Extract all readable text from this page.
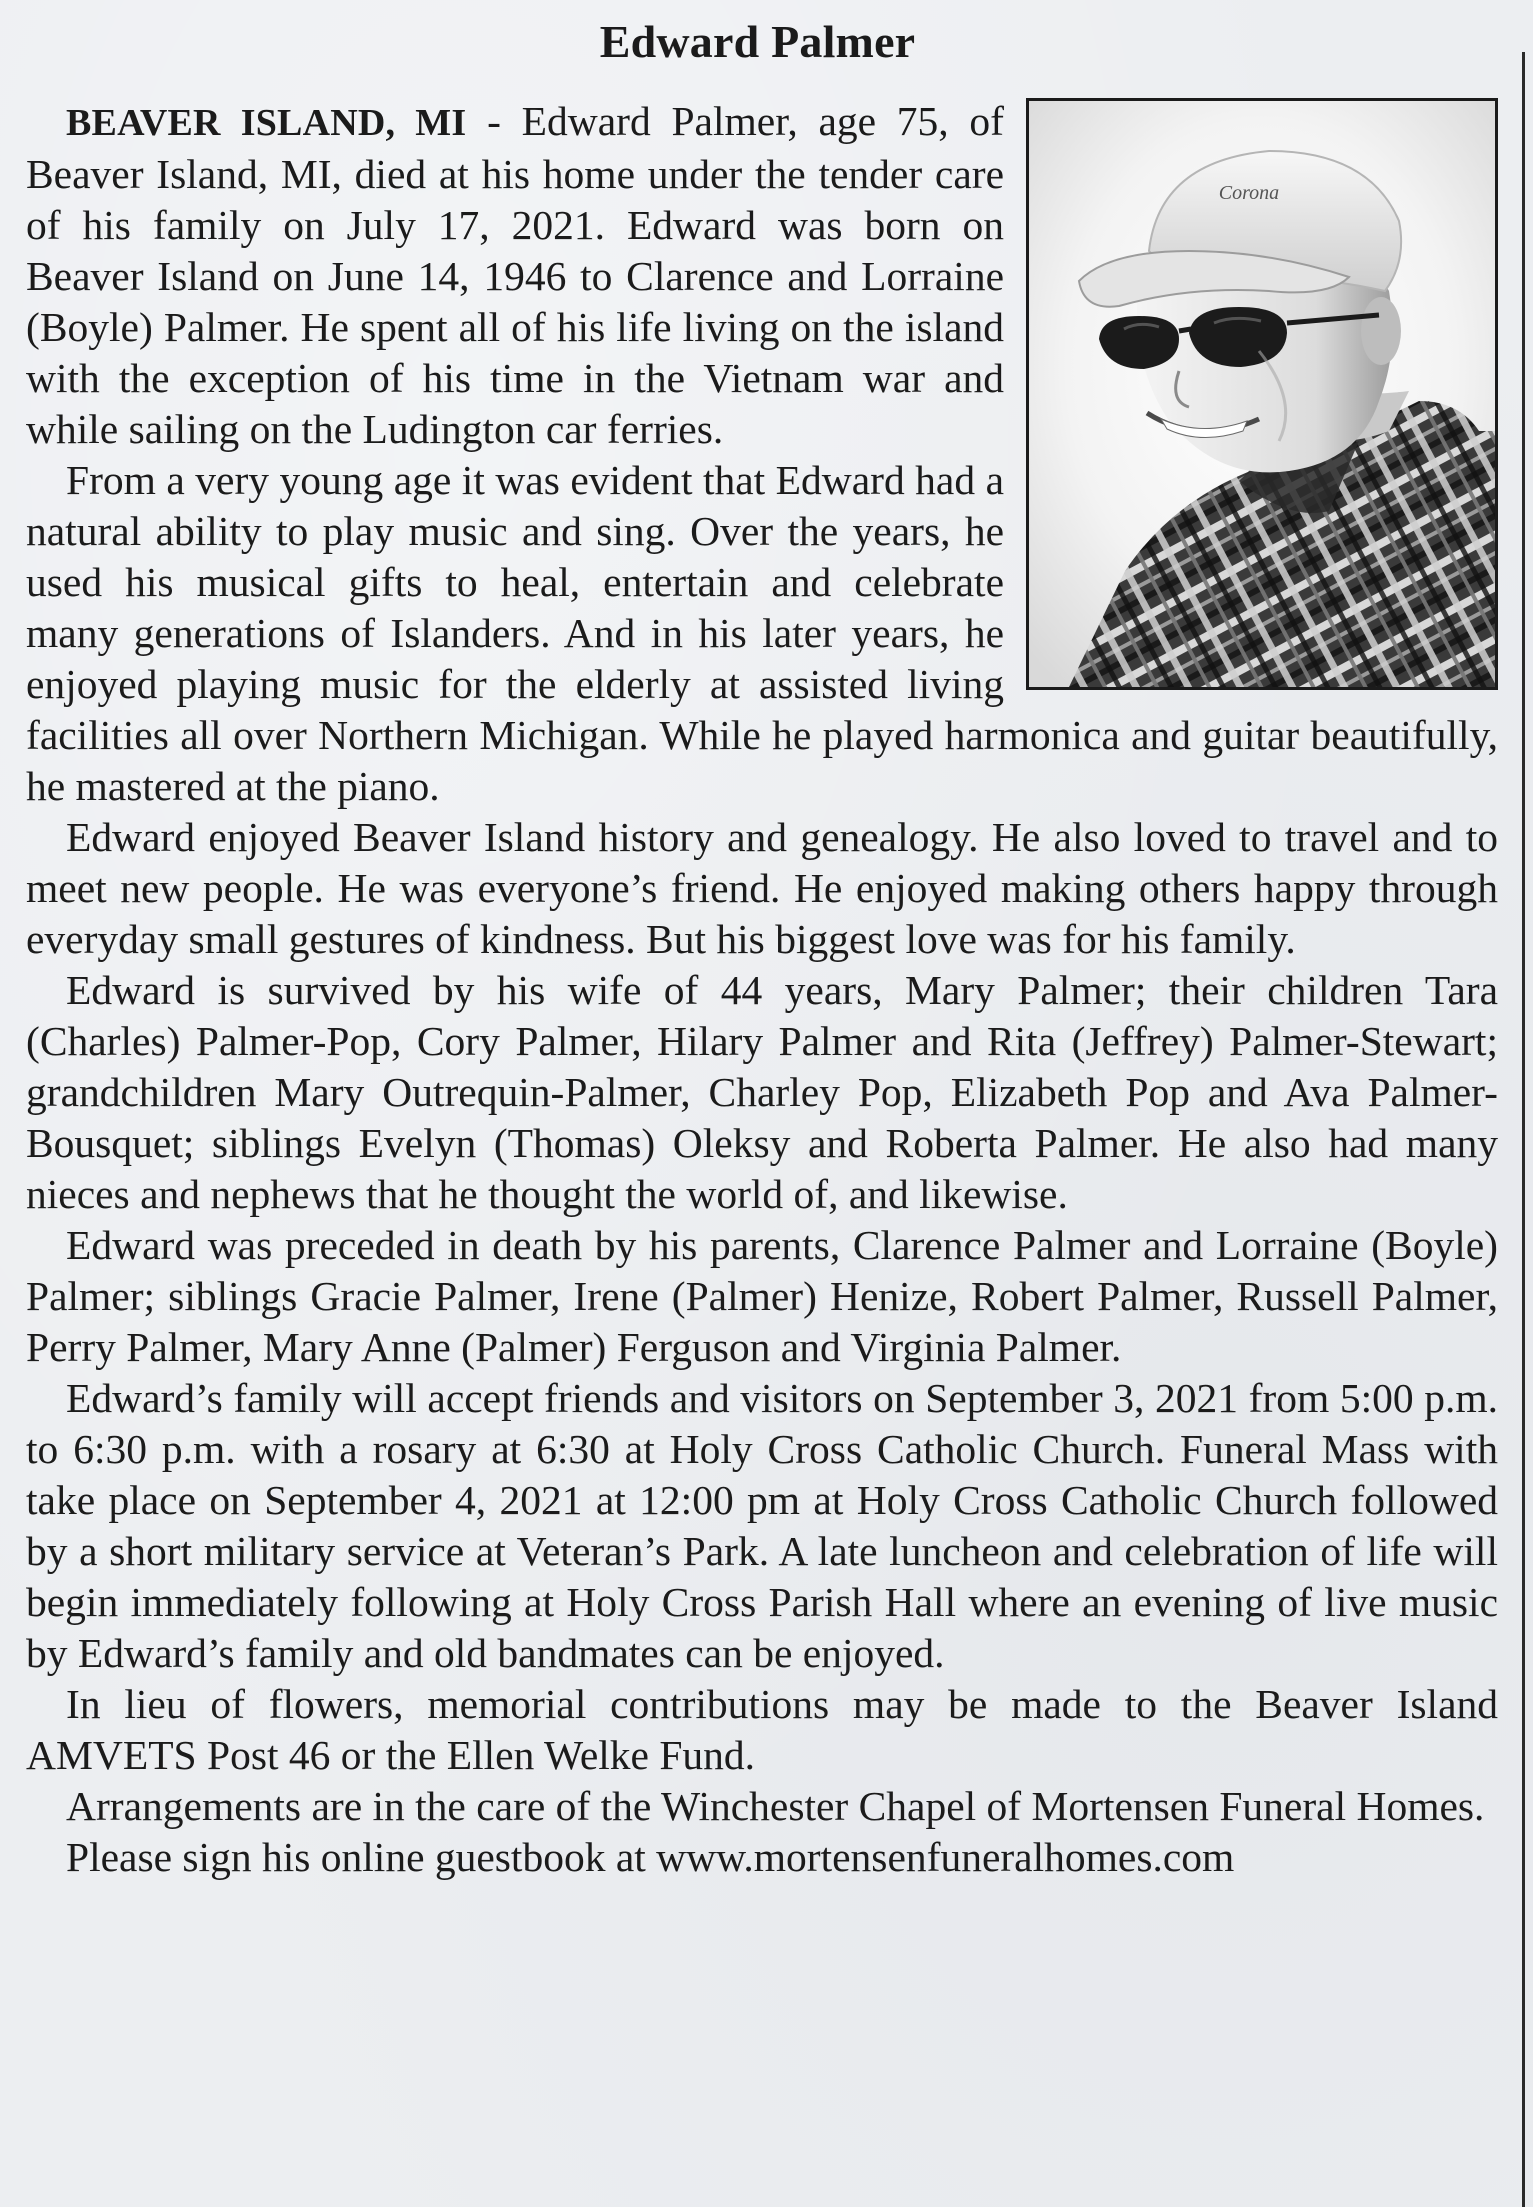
Edward Palmer

Corona
BEAVER ISLAND, MI - Edward Palmer, age 75, of Beaver Island, MI, died at his home under the tender care of his family on July 17, 2021. Edward was born on Beaver Island on June 14, 1946 to Clarence and Lorraine (Boyle) Palmer. He spent all of his life living on the island with the exception of his time in the Vietnam war and while sailing on the Ludington car ferries.

From a very young age it was evident that Edward had a natural ability to play music and sing. Over the years, he used his musical gifts to heal, entertain and celebrate many generations of Islanders. And in his later years, he enjoyed playing music for the elderly at assisted living facilities all over Northern Michigan. While he played harmonica and guitar beautifully, he mastered at the piano.

Edward enjoyed Beaver Island history and genealogy. He also loved to travel and to meet new people. He was everyone’s friend. He enjoyed making others happy through everyday small gestures of kindness. But his biggest love was for his family.

Edward is survived by his wife of 44 years, Mary Palmer; their children Tara (Charles) Palmer-Pop, Cory Palmer, Hilary Palmer and Rita (Jeffrey) Palmer-Stewart; grandchildren Mary Outrequin-Palmer, Charley Pop, Elizabeth Pop and Ava Palmer-Bousquet; siblings Evelyn (Thomas) Oleksy and Roberta Palmer. He also had many nieces and nephews that he thought the world of, and likewise.

Edward was preceded in death by his parents, Clarence Palmer and Lorraine (Boyle) Palmer; siblings Gracie Palmer, Irene (Palmer) Henize, Robert Palmer, Russell Palmer, Perry Palmer, Mary Anne (Palmer) Ferguson and Virginia Palmer.

Edward’s family will accept friends and visitors on September 3, 2021 from 5:00 p.m. to 6:30 p.m. with a rosary at 6:30 at Holy Cross Catholic Church. Funeral Mass with take place on September 4, 2021 at 12:00 pm at Holy Cross Catholic Church followed by a short military service at Veteran’s Park. A late luncheon and celebration of life will begin immediately following at Holy Cross Parish Hall where an evening of live music by Edward’s family and old bandmates can be enjoyed.

In lieu of flowers, memorial contributions may be made to the Beaver Island AMVETS Post 46 or the Ellen Welke Fund.

Arrangements are in the care of the Winchester Chapel of Mortensen Funeral Homes.

Please sign his online guestbook at www.mortensenfuneralhomes.com
